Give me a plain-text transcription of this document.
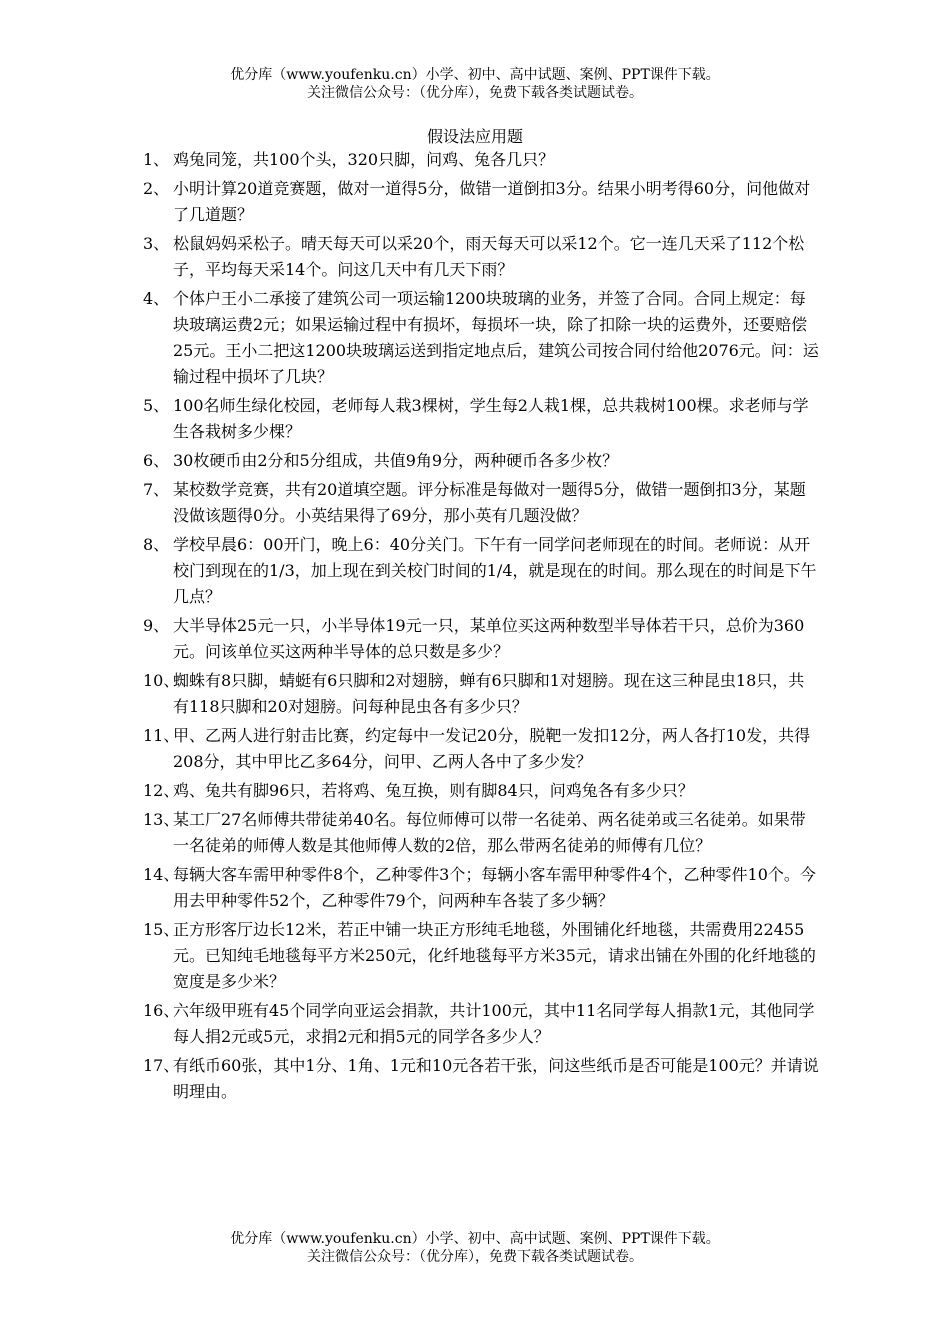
优分库（www.youfenku.cn）小学、初中、高中试题、案例、PPT课件下载。
关注微信公众号：（优分库），免费下载各类试题试卷。
假设法应用题
1、 鸡兔同笼，共100个头，320只脚，问鸡、兔各几只？
2、 小明计算20道竞赛题，做对一道得5分，做错一道倒扣3分。结果小明考得60分，问他做对了几道题？
3、 松鼠妈妈采松子。晴天每天可以采20个，雨天每天可以采12个。它一连几天采了112个松子，平均每天采14个。问这几天中有几天下雨？
4、 个体户王小二承接了建筑公司一项运输1200块玻璃的业务，并签了合同。合同上规定：每块玻璃运费2元；如果运输过程中有损坏，每损坏一块，除了扣除一块的运费外，还要赔偿25元。王小二把这1200块玻璃运送到指定地点后，建筑公司按合同付给他2076元。问：运输过程中损坏了几块？
5、 100名师生绿化校园，老师每人栽3棵树，学生每2人栽1棵，总共栽树100棵。求老师与学生各栽树多少棵？
6、 30枚硬币由2分和5分组成，共值9角9分，两种硬币各多少枚？
7、 某校数学竞赛，共有20道填空题。评分标准是每做对一题得5分，做错一题倒扣3分，某题没做该题得0分。小英结果得了69分，那小英有几题没做？
8、 学校早晨6：00开门，晚上6：40分关门。下午有一同学问老师现在的时间。老师说：从开校门到现在的1/3，加上现在到关校门时间的1/4，就是现在的时间。那么现在的时间是下午几点？
9、 大半导体25元一只，小半导体19元一只，某单位买这两种数型半导体若干只，总价为360元。问该单位买这两种半导体的总只数是多少？
10、
蜘蛛有8只脚，蜻蜓有6只脚和2对翅膀，蝉有6只脚和1对翅膀。现在这三种昆虫18只，共有118只脚和20对翅膀。问每种昆虫各有多少只？
11、
甲、乙两人进行射击比赛，约定每中一发记20分，脱靶一发扣12分，两人各打10发，共得208分，其中甲比乙多64分，问甲、乙两人各中了多少发？
12、
鸡、兔共有脚96只，若将鸡、兔互换，则有脚84只，问鸡兔各有多少只？
13、
某工厂27名师傅共带徒弟40名。每位师傅可以带一名徒弟、两名徒弟或三名徒弟。如果带一名徒弟的师傅人数是其他师傅人数的2倍，那么带两名徒弟的师傅有几位？
14、
每辆大客车需甲种零件8个，乙种零件3个；每辆小客车需甲种零件4个，乙种零件10个。今用去甲种零件52个，乙种零件79个，问两种车各装了多少辆？
15、
正方形客厅边长12米，若正中铺一块正方形纯毛地毯，外围铺化纤地毯，共需费用22455元。已知纯毛地毯每平方米250元，化纤地毯每平方米35元，请求出铺在外围的化纤地毯的宽度是多少米？
16、
六年级甲班有45个同学向亚运会捐款，共计100元，其中11名同学每人捐款1元，其他同学每人捐2元或5元，求捐2元和捐5元的同学各多少人？
17、
有纸币60张，其中1分、1角、1元和10元各若干张，问这些纸币是否可能是100元？并请说明理由。
优分库（www.youfenku.cn）小学、初中、高中试题、案例、PPT课件下载。
关注微信公众号：（优分库），免费下载各类试题试卷。
